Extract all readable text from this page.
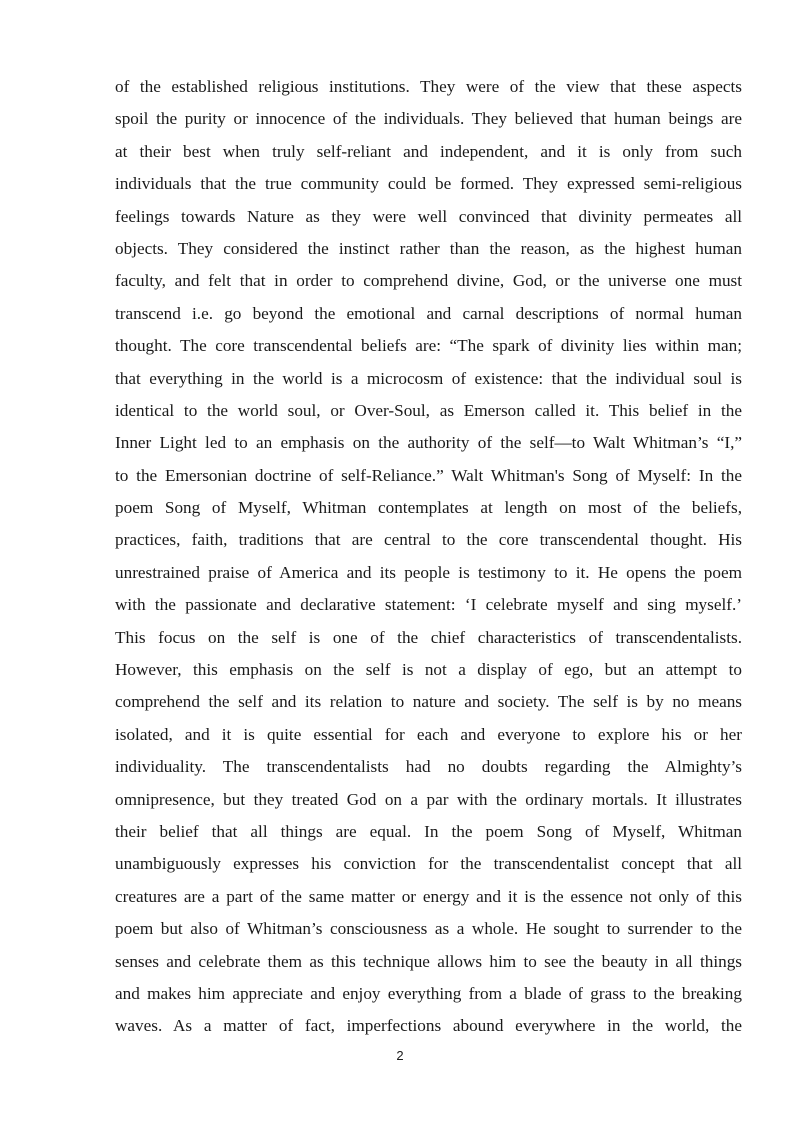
of the established religious institutions. They were of the view that these aspects
spoil the purity or innocence of the individuals. They believed that human beings are
at their best when truly self-reliant and independent, and it is only from such
individuals that the true community could be formed. They expressed semi-religious
feelings towards Nature as they were well convinced that divinity permeates all
objects. They considered the instinct rather than the reason, as the highest human
faculty, and felt that in order to comprehend divine, God, or the universe one must
transcend i.e. go beyond the emotional and carnal descriptions of normal human
thought. The core transcendental beliefs are: “The spark of divinity lies within man;
that everything in the world is a microcosm of existence: that the individual soul is
identical to the world soul, or Over-Soul, as Emerson called it. This belief in the
Inner Light led to an emphasis on the authority of the self—to Walt Whitman’s “I,”
to the Emersonian doctrine of self-Reliance.” Walt Whitman's Song of Myself: In the
poem Song of Myself, Whitman contemplates at length on most of the beliefs,
practices, faith, traditions that are central to the core transcendental thought. His
unrestrained praise of America and its people is testimony to it. He opens the poem
with the passionate and declarative statement: ‘I celebrate myself and sing myself.’
This focus on the self is one of the chief characteristics of transcendentalists.
However, this emphasis on the self is not a display of ego, but an attempt to
comprehend the self and its relation to nature and society. The self is by no means
isolated, and it is quite essential for each and everyone to explore his or her
individuality. The transcendentalists had no doubts regarding the Almighty’s
omnipresence, but they treated God on a par with the ordinary mortals. It illustrates
their belief that all things are equal. In the poem Song of Myself, Whitman
unambiguously expresses his conviction for the transcendentalist concept that all
creatures are a part of the same matter or energy and it is the essence not only of this
poem but also of Whitman’s consciousness as a whole. He sought to surrender to the
senses and celebrate them as this technique allows him to see the beauty in all things
and makes him appreciate and enjoy everything from a blade of grass to the breaking
waves. As a matter of fact, imperfections abound everywhere in the world, the
2
